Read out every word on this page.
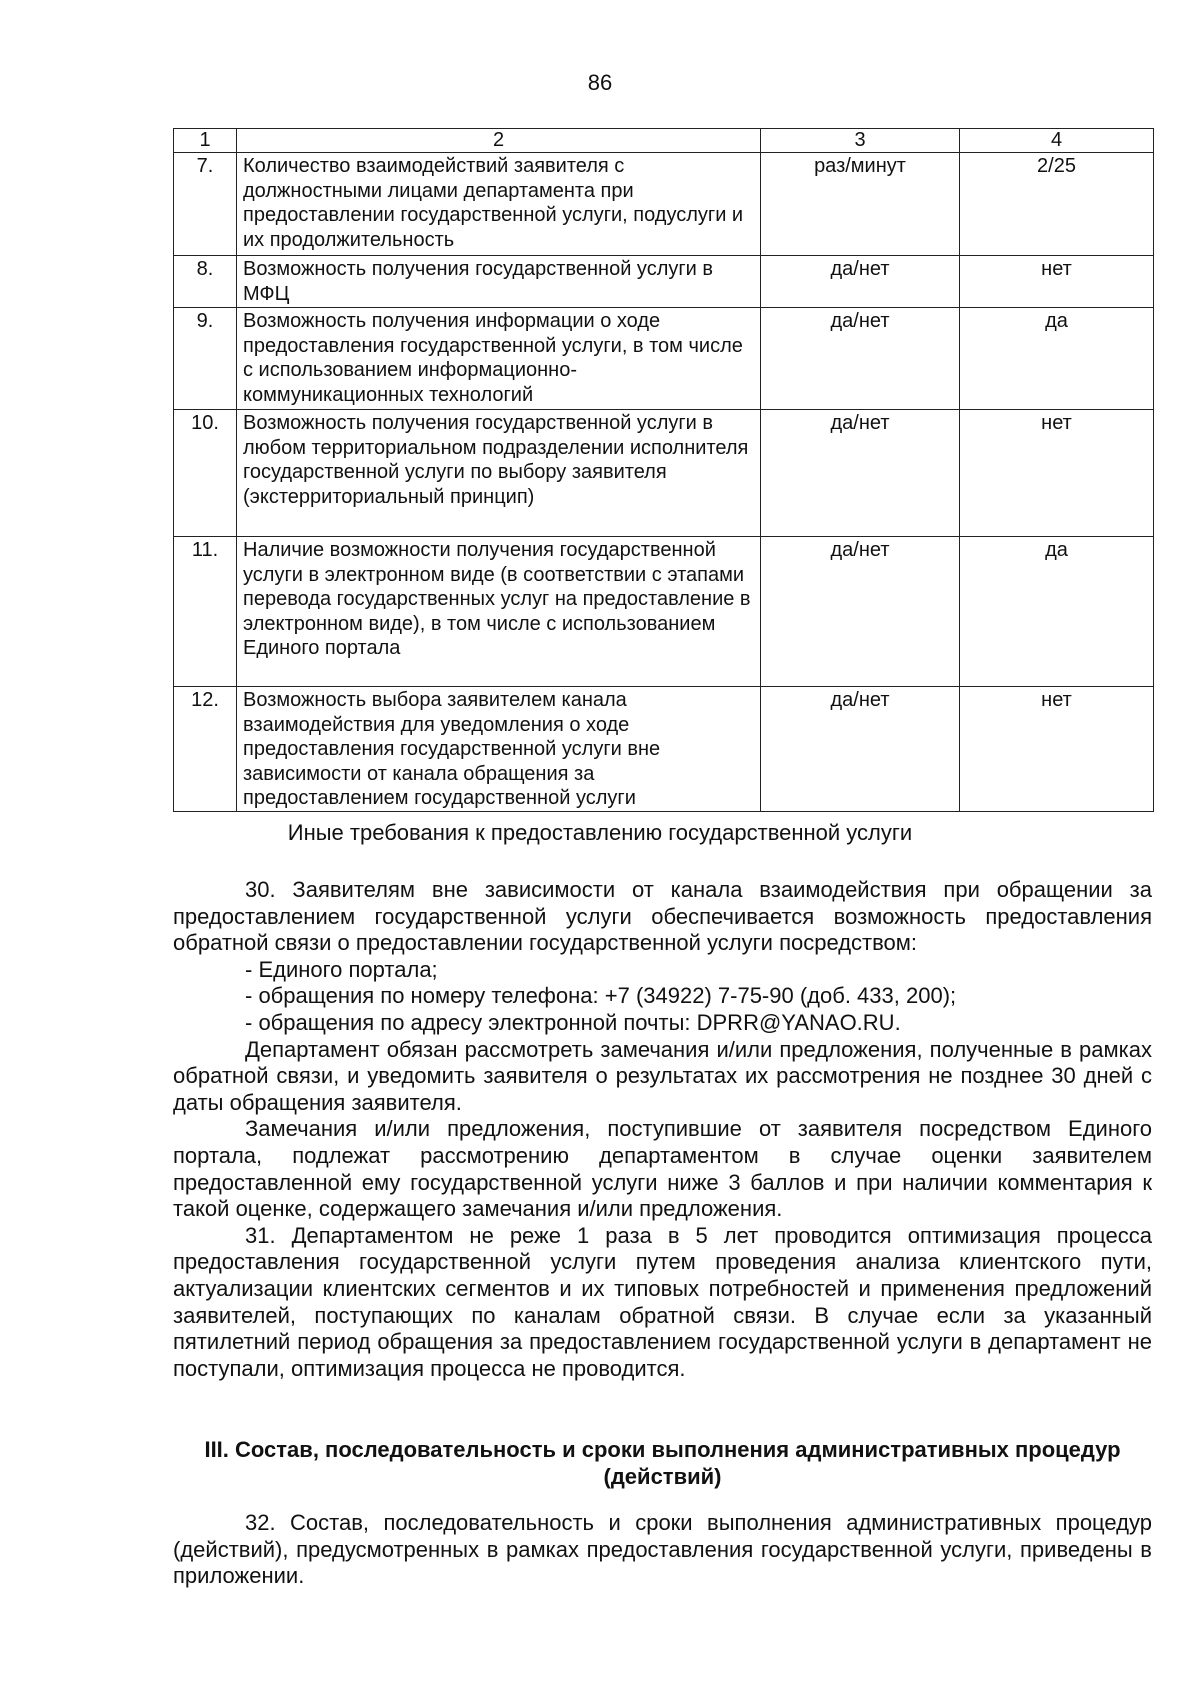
86
1	2	3	4
7.	Количество взаимодействий заявителя с должностными лицами департамента при предоставлении государственной услуги, подуслуги и их продолжительность	раз/минут	2/25
8.	Возможность получения государственной услуги в МФЦ	да/нет	нет
9.	Возможность получения информации о ходе предоставления государственной услуги, в том числе с использованием информационно-коммуникационных технологий	да/нет	да
10.	Возможность получения государственной услуги в любом территориальном подразделении исполнителя государственной услуги по выбору заявителя (экстерриториальный принцип)	да/нет	нет
11.	Наличие возможности получения государственной услуги в электронном виде (в соответствии с этапами перевода государственных услуг на предоставление в электронном виде), в том числе с использованием Единого портала	да/нет	да
12.	Возможность выбора заявителем канала взаимодействия для уведомления о ходе предоставления государственной услуги вне зависимости от канала обращения за предоставлением государственной услуги	да/нет	нет
Иные требования к предоставлению государственной услуги

30. Заявителям вне зависимости от канала взаимодействия при обращении за предоставлением государственной услуги обеспечивается возможность предоставления обратной связи о предоставлении государственной услуги посредством:

- Единого портала;

- обращения по номеру телефона: +7 (34922) 7-75-90 (доб. 433, 200);

- обращения по адресу электронной почты: DPRR@YANAO.RU.

Департамент обязан рассмотреть замечания и/или предложения, полученные в рамках обратной связи, и уведомить заявителя о результатах их рассмотрения не позднее 30 дней с даты обращения заявителя.

Замечания и/или предложения, поступившие от заявителя посредством Единого портала, подлежат рассмотрению департаментом в случае оценки заявителем предоставленной ему государственной услуги ниже 3 баллов и при наличии комментария к такой оценке, содержащего замечания и/или предложения.

31. Департаментом не реже 1 раза в 5 лет проводится оптимизация процесса предоставления государственной услуги путем проведения анализа клиентского пути, актуализации клиентских сегментов и их типовых потребностей и применения предложений заявителей, поступающих по каналам обратной связи. В случае если за указанный пятилетний период обращения за предоставлением государственной услуги в департамент не поступали, оптимизация процесса не проводится.

III. Состав, последовательность и сроки выполнения административных процедур (действий)

32. Состав, последовательность и сроки выполнения административных процедур (действий), предусмотренных в рамках предоставления государственной услуги, приведены в приложении.
